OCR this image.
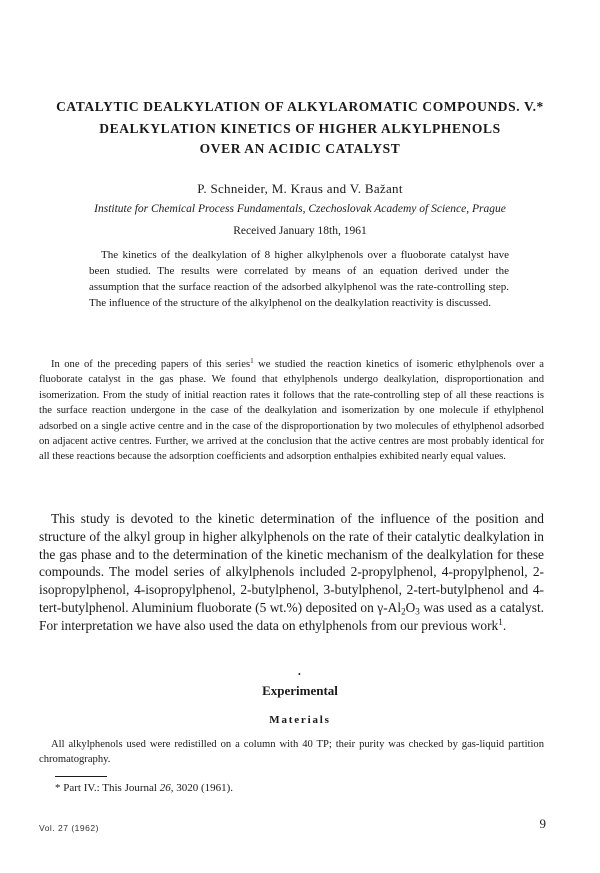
CATALYTIC DEALKYLATION OF ALKYLAROMATIC COMPOUNDS. V.*
DEALKYLATION KINETICS OF HIGHER ALKYLPHENOLS
OVER AN ACIDIC CATALYST

P. Schneider, M. Kraus and V. Bažant

Institute for Chemical Process Fundamentals, Czechoslovak Academy of Science, Prague

Received January 18th, 1961

The kinetics of the dealkylation of 8 higher alkylphenols over a fluoborate catalyst have been studied. The results were correlated by means of an equation derived under the assumption that the surface reaction of the adsorbed alkylphenol was the rate-controlling step. The influence of the structure of the alkylphenol on the dealkylation reactivity is discussed.

In one of the preceding papers of this series$^1$ we studied the reaction kinetics of isomeric ethylphenols over a fluoborate catalyst in the gas phase. We found that ethylphenols undergo dealkylation, disproportionation and isomerization. From the study of initial reaction rates it follows that the rate-controlling step of all these reactions is the surface reaction undergone in the case of the dealkylation and isomerization by one molecule if ethylphenol adsorbed on a single active centre and in the case of the disproportionation by two molecules of ethylphenol adsorbed on adjacent active centres. Further, we arrived at the conclusion that the active centres are most probably identical for all these reactions because the adsorption coefficients and adsorption enthalpies exhibited nearly equal values.

This study is devoted to the kinetic determination of the influence of the position and structure of the alkyl group in higher alkylphenols on the rate of their catalytic dealkylation in the gas phase and to the determination of the kinetic mechanism of the dealkylation for these compounds. The model series of alkylphenols included 2-propylphenol, 4-propylphenol, 2-isopropylphenol, 4-isopropylphenol, 2-butylphenol, 3-butylphenol, 2-tert-butylphenol and 4-tert-butylphenol. Aluminium fluoborate (5 wt.%) deposited on $\gamma-Al_2O_3$ was used as a catalyst. For interpretation we have also used the data on ethylphenols from our previous work$^1$.

•

Experimental
Materials

All alkylphenols used were redistilled on a column with 40 TP; their purity was checked by gas-liquid partition chromatography.

* Part IV.: This Journal 26, 3020 (1961).

Vol. 27 (1962)	9
